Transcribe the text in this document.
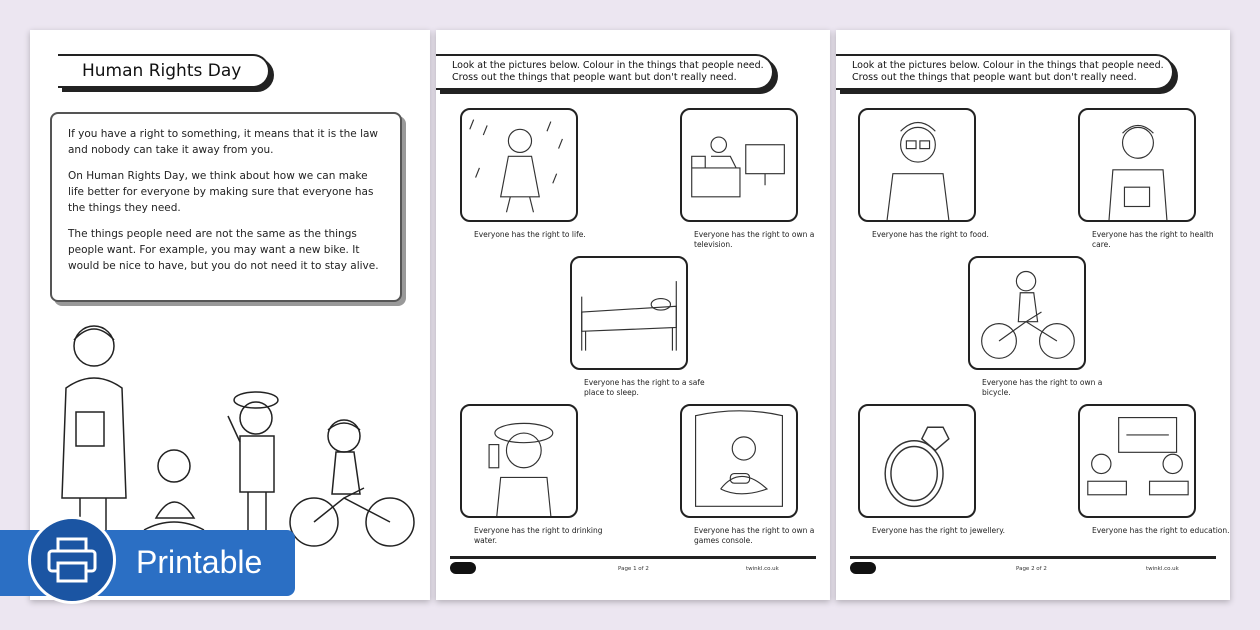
Human Rights Day

If you have a right to something, it means that it is the law and nobody can take it away from you.

On Human Rights Day, we think about how we can make life better for everyone by making sure that everyone has the things they need.

The things people need are not the same as the things people want. For example, you may want a new bike. It would be nice to have, but you do not need it to stay alive.

Look at the pictures below. Colour in the things that people need. Cross out the things that people want but don't really need.
Everyone has the right to life.	Everyone has the right to own a television.
Everyone has the right to a safe place to sleep.
Everyone has the right to drinking water.
Everyone has the right to own a games console.
Page 1 of 2	twinkl.co.uk
Look at the pictures below. Colour in the things that people need. Cross out the things that people want but don't really need.
Everyone has the right to food.	Everyone has the right to health care.
Everyone has the right to own a bicycle.
Everyone has the right to jewellery.	Everyone has the right to education.
Page 2 of 2	twinkl.co.uk
Printable
